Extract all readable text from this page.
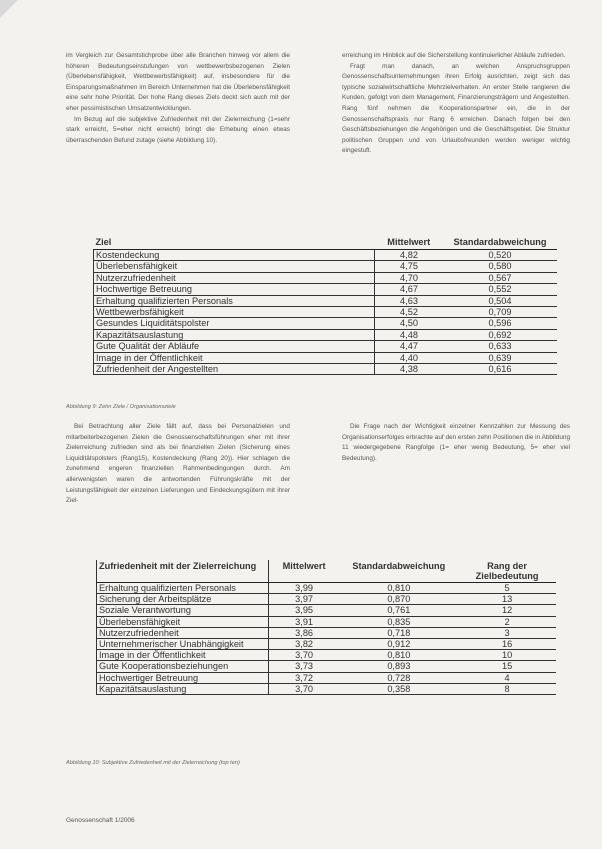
im Vergleich zur Gesamtstichprobe über alle Branchen hinweg vor allem die höheren Bedeutungseinstufungen von wettbewerbsbezogenen Zielen (Überlebensfähigkeit, Wettbewerbsfähigkeit) auf, insbesondere für die Einsparungsmaßnahmen im Bereich Unternehmen hat die Überlebensfähigkeit eine sehr hohe Priorität. Der hohe Rang dieses Ziels deckt sich auch mit der eher pessimistischen Umsatzentwicklungen.

Im Bezug auf die subjektive Zufriedenheit mit der Zielerreichung (1=sehr stark erreicht, 5=eher nicht erreicht) bringt die Erhebung einen etwas überraschenden Befund zutage (siehe Abbildung 10).

erreichung im Hinblick auf die Sicherstellung kontinuierlicher Abläufe zufrieden.

Fragt man danach, an welchen Anspruchsgruppen Genossenschaftsunternehmungen ihren Erfolg ausrichten, zeigt sich das typische sozialwirtschaftliche Mehrzielverhalten. An erster Stelle rangieren die Kunden, gefolgt von dem Management, Finanzierungsträgern und Angestellten. Rang fünf nehmen die Kooperationspartner ein, die in der Genossenschaftspraxis nur Rang 6 erreichen. Danach folgen bei den Geschäftsbeziehungen die Angehörigen und die Geschäftsgebiet. Die Struktur politischen Gruppen und von Urlaubsfreunden werden weniger wichtig eingestuft.

Ziel	Mittelwert	Standardabweichung
Kostendeckung	4,82	0,520
Überlebensfähigkeit	4,75	0,580
Nutzerzufriedenheit	4,70	0,567
Hochwertige Betreuung	4,67	0,552
Erhaltung qualifizierten Personals	4,63	0,504
Wettbewerbsfähigkeit	4,52	0,709
Gesundes Liquiditätspolster	4,50	0,596
Kapazitätsauslastung	4,48	0,692
Gute Qualität der Abläufe	4,47	0,633
Image in der Öffentlichkeit	4,40	0,639
Zufriedenheit der Angestellten	4,38	0,616
Abbildung 9: Zehn Ziele / Organisationsziele

Bei Betrachtung aller Ziele fällt auf, dass bei Personalzielen und mitarbeiterbezogenen Zielen die Genossenschaftsführungen eher mit ihrer Zielerreichung zufrieden sind als bei finanziellen Zielen (Sicherung eines Liquiditätspolsters (Rang15), Kostendeckung (Rang 20)). Hier schlagen die zunehmend engeren finanziellen Rahmenbedingungen durch. Am allerwenigsten waren die antwortenden Führungskräfte mit der Leistungsfähigkeit der einzelnen Lieferungen und Eindeckungsgütern mit ihrer Ziel-

Die Frage nach der Wichtigkeit einzelner Kennzahlen zur Messung des Organisationserfolges erbrachte auf den ersten zehn Positionen die in Abbildung 11 wiedergegebene Rangfolge (1= eher wenig Bedeutung, 5= eher viel Bedeutung).

Zufriedenheit mit der Zielerreichung	Mittelwert	Standardabweichung	Rang der Zielbedeutung
Erhaltung qualifizierten Personals	3,99	0,810	5
Sicherung der Arbeitsplätze	3,97	0,870	13
Soziale Verantwortung	3,95	0,761	12
Überlebensfähigkeit	3,91	0,835	2
Nutzerzufriedenheit	3,86	0,718	3
Unternehmerischer Unabhängigkeit	3,82	0,912	16
Image in der Öffentlichkeit	3,70	0,810	10
Gute Kooperationsbeziehungen	3,73	0,893	15
Hochwertiger Betreuung	3,72	0,728	4
Kapazitätsauslastung	3,70	0,358	8
Abbildung 10: Subjektive Zufriedenheit mit der Zielerreichung (top ten)
Genossenschaft 1/2006
